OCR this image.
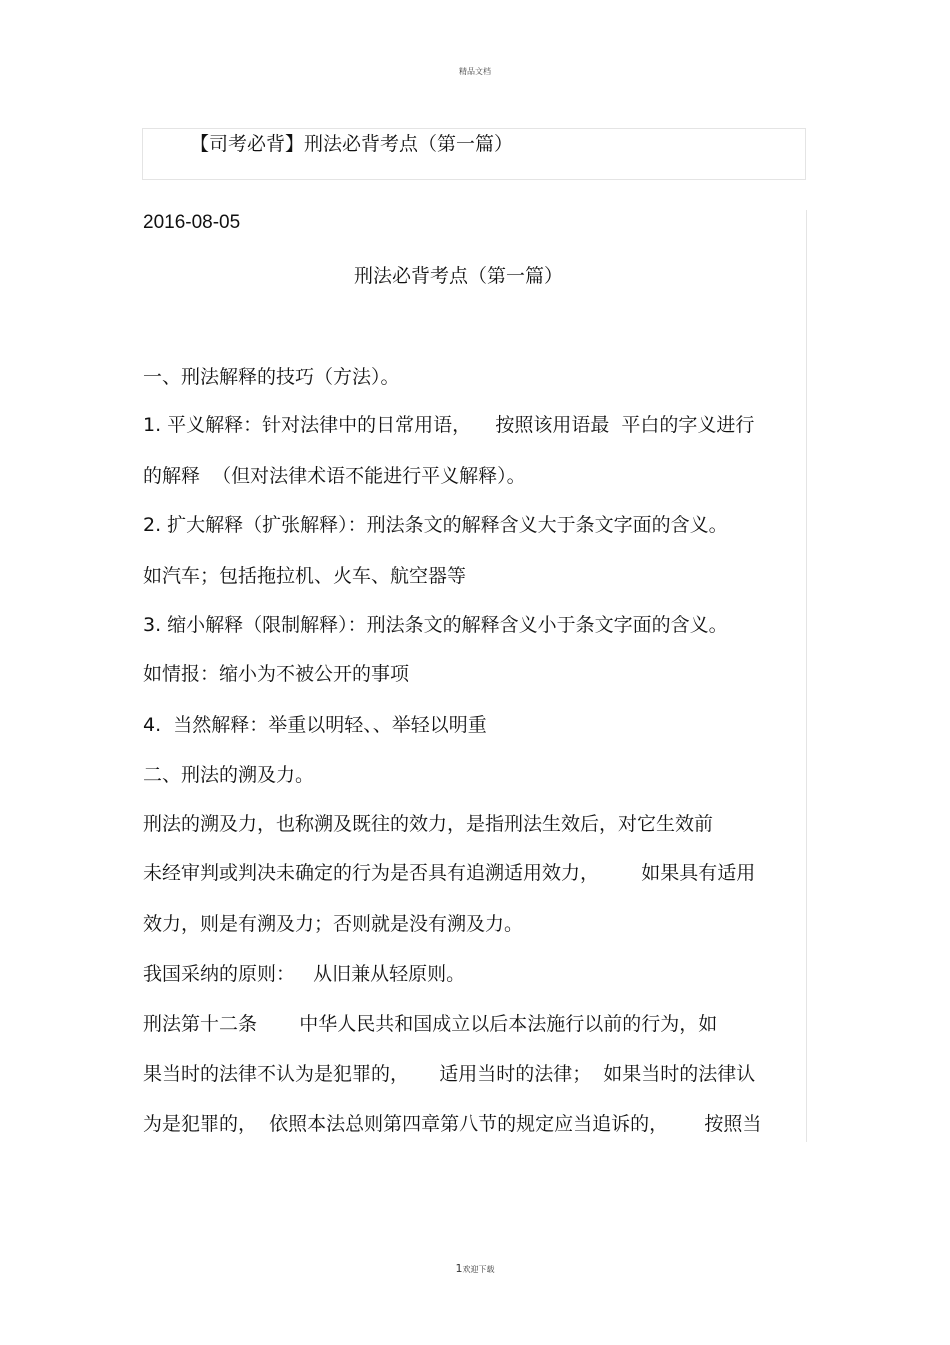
精品文档
【司考必背】刑法必背考点（第一篇）
2016-08-05
刑法必背考点（第一篇）
一、刑法解释的技巧（方法）。
1. 平义解释：针对法律中的日常用语，    按照该用语最  平白的字义进行
的解释  （但对法律术语不能进行平义解释）。
2. 扩大解释（扩张解释）：刑法条文的解释含义大于条文字面的含义。
如汽车；包括拖拉机、火车、航空器等
3. 缩小解释（限制解释）：刑法条文的解释含义小于条文字面的含义。
如情报：缩小为不被公开的事项
4.  当然解释：举重以明轻、、举轻以明重
二、刑法的溯及力。
刑法的溯及力，也称溯及既往的效力，是指刑法生效后，对它生效前
未经审判或判决未确定的行为是否具有追溯适用效力，       如果具有适用
效力，则是有溯及力；否则就是没有溯及力。
我国采纳的原则：   从旧兼从轻原则。
刑法第十二条       中华人民共和国成立以后本法施行以前的行为，如
果当时的法律不认为是犯罪的，     适用当时的法律；  如果当时的法律认
为是犯罪的，  依照本法总则第四章第八节的规定应当追诉的，      按照当
1欢迎下载
